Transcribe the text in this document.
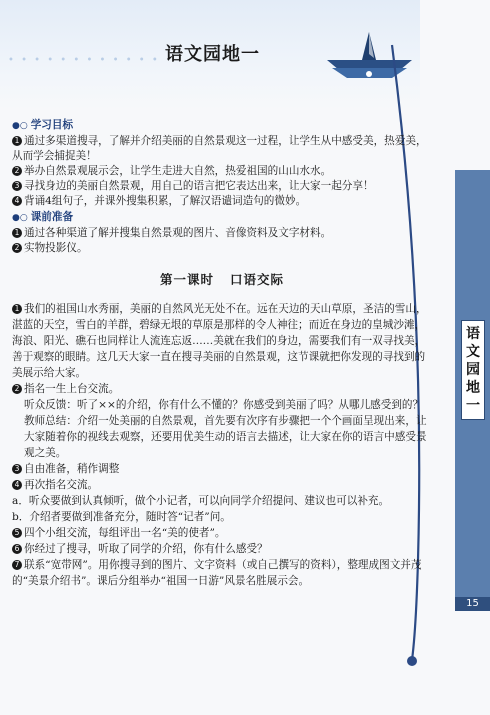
• • • • • • • • • • • • 语文园地一
语文园地一
15
●○ 学习目标
1 通过多渠道搜寻，了解并介绍美丽的自然景观这一过程，让学生从中感受美，热爱美，从而学会捕捉美！
2 举办自然景观展示会，让学生走进大自然，热爱祖国的山山水水。
3 寻找身边的美丽自然景观，用自己的语言把它表达出来，让大家一起分享！
4 背诵4组句子，并课外搜集积累，了解汉语谴词造句的微妙。
●○ 课前准备
1 通过各种渠道了解并搜集自然景观的图片、音像资料及文字材料。
2 实物投影仪。
第一课时 口语交际
1 我们的祖国山水秀丽，美丽的自然风光无处不在。远在天边的天山草原，圣洁的雪山，湛蓝的天空，雪白的羊群，碧绿无垠的草原是那样的令人神往；而近在身边的皇城沙滩，海浪、阳光、礁石也同样让人流连忘返……美就在我们的身边，需要我们有一双寻找美，善于观察的眼睛。这几天大家一直在搜寻美丽的自然景观，这节课就把你发现的寻找到的美展示给大家。
2 指名一生上台交流。
听众反馈：听了××的介绍，你有什么不懂的？你感受到美丽了吗？从哪儿感受到的？
教师总结：介绍一处美丽的自然景观，首先要有次序有步骤把一个个画面呈现出来，让大家随着你的视线去观察，还要用优美生动的语言去描述，让大家在你的语言中感受景观之美。
3 自由准备，稍作调整
4 再次指名交流。
a．听众要做到认真倾听，做个小记者，可以向同学介绍提问、建议也可以补充。
b．介绍者要做到准备充分，随时答“记者”问。
5 四个小组交流，每组评出一名“美的使者”。
6 你经过了搜寻，听取了同学的介绍，你有什么感受？
7 联系“宽带网”。用你搜寻到的图片、文字资料（或自己撰写的资料），整理成图文并茂的“美景介绍书”。课后分组举办“祖国一日游”风景名胜展示会。
